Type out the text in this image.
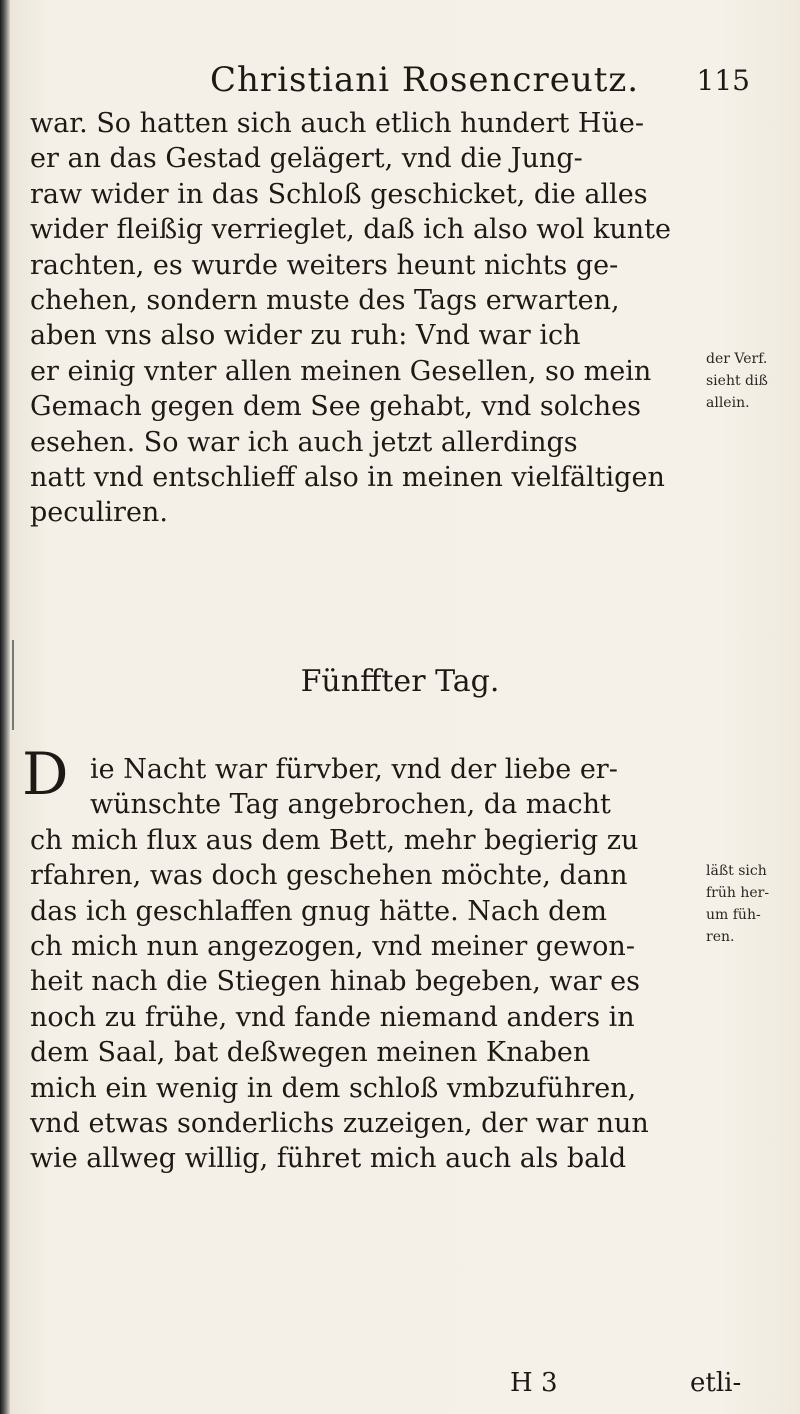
Christiani Rosencreutz. 115
war. So hatten sich auch etlich hundert Hüe-
er an das Gestad gelägert, vnd die Jung-
raw wider in das Schloß geschicket, die alles
wider fleißig verrieglet, daß ich also wol kunte
rachten, es wurde weiters heunt nichts ge-
chehen, sondern muste des Tags erwarten,
aben vns also wider zu ruh: Vnd war ich
er einig vnter allen meinen Gesellen, so mein
Gemach gegen dem See gehabt, vnd solches
esehen. So war ich auch jetzt allerdings
natt vnd entschlieff also in meinen vielfältigen
peculiren.
der Verf.
sieht diß
allein.
Fünffter Tag.
D ie Nacht war fürvber, vnd der liebe er-
wünschte Tag angebrochen, da macht
ch mich flux aus dem Bett, mehr begierig zu
rfahren, was doch geschehen möchte, dann
das ich geschlaffen gnug hätte. Nach dem
ch mich nun angezogen, vnd meiner gewon-
heit nach die Stiegen hinab begeben, war es
noch zu frühe, vnd fande niemand anders in
dem Saal, bat deßwegen meinen Knaben
mich ein wenig in dem schloß vmbzuführen,
vnd etwas sonderlichs zuzeigen, der war nun
wie allweg willig, führet mich auch als bald
läßt sich
früh her-
um füh-
ren.
H 3	etli-
